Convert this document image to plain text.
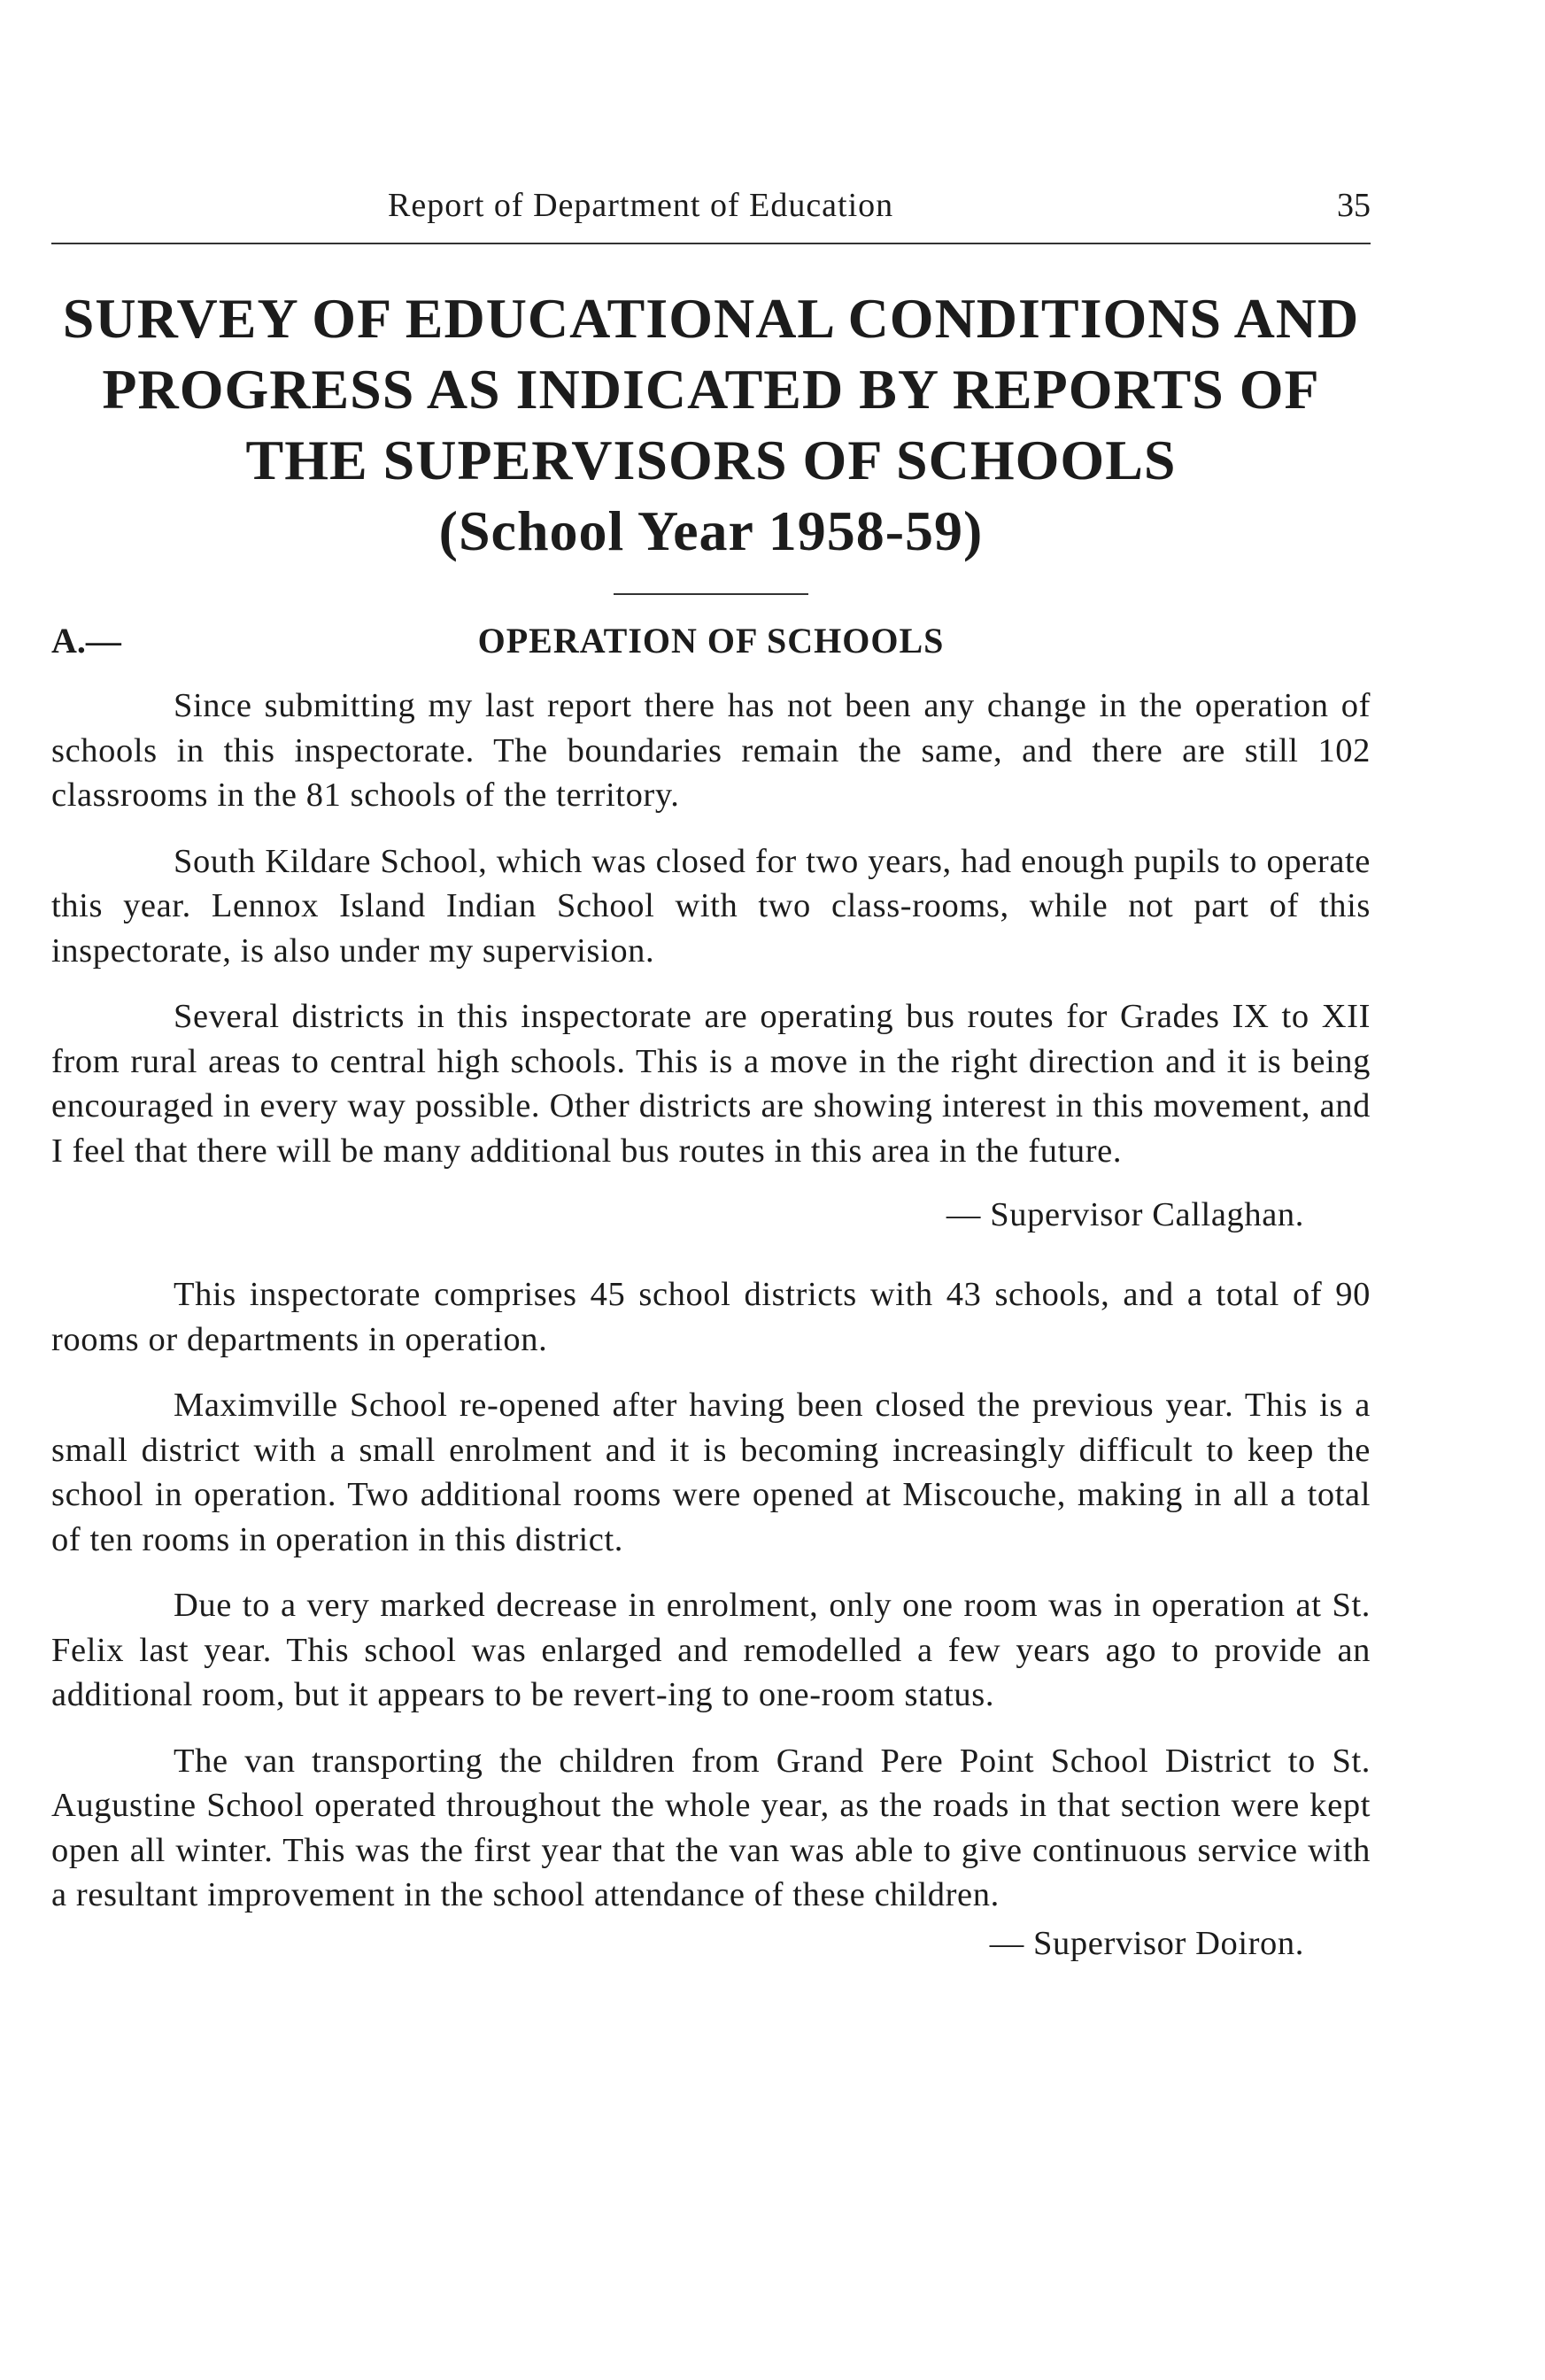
Report of Department of Education	35
SURVEY OF EDUCATIONAL CONDITIONS AND
PROGRESS AS INDICATED BY REPORTS OF
THE SUPERVISORS OF SCHOOLS
(School Year 1958-59)
A.—	OPERATION OF SCHOOLS

Since submitting my last report there has not been any change in the operation of schools in this inspectorate. The boundaries remain the same, and there are still 102 classrooms in the 81 schools of the territory.

South Kildare School, which was closed for two years, had enough pupils to operate this year. Lennox Island Indian School with two class-rooms, while not part of this inspectorate, is also under my supervision.

Several districts in this inspectorate are operating bus routes for Grades IX to XII from rural areas to central high schools. This is a move in the right direction and it is being encouraged in every way possible. Other districts are showing interest in this movement, and I feel that there will be many additional bus routes in this area in the future.

— Supervisor Callaghan.

This inspectorate comprises 45 school districts with 43 schools, and a total of 90 rooms or departments in operation.

Maximville School re-opened after having been closed the previous year. This is a small district with a small enrolment and it is becoming increasingly difficult to keep the school in operation. Two additional rooms were opened at Miscouche, making in all a total of ten rooms in operation in this district.

Due to a very marked decrease in enrolment, only one room was in operation at St. Felix last year. This school was enlarged and remodelled a few years ago to provide an additional room, but it appears to be revert-ing to one-room status.

The van transporting the children from Grand Pere Point School District to St. Augustine School operated throughout the whole year, as the roads in that section were kept open all winter. This was the first year that the van was able to give continuous service with a resultant improvement in the school attendance of these children.

— Supervisor Doiron.
